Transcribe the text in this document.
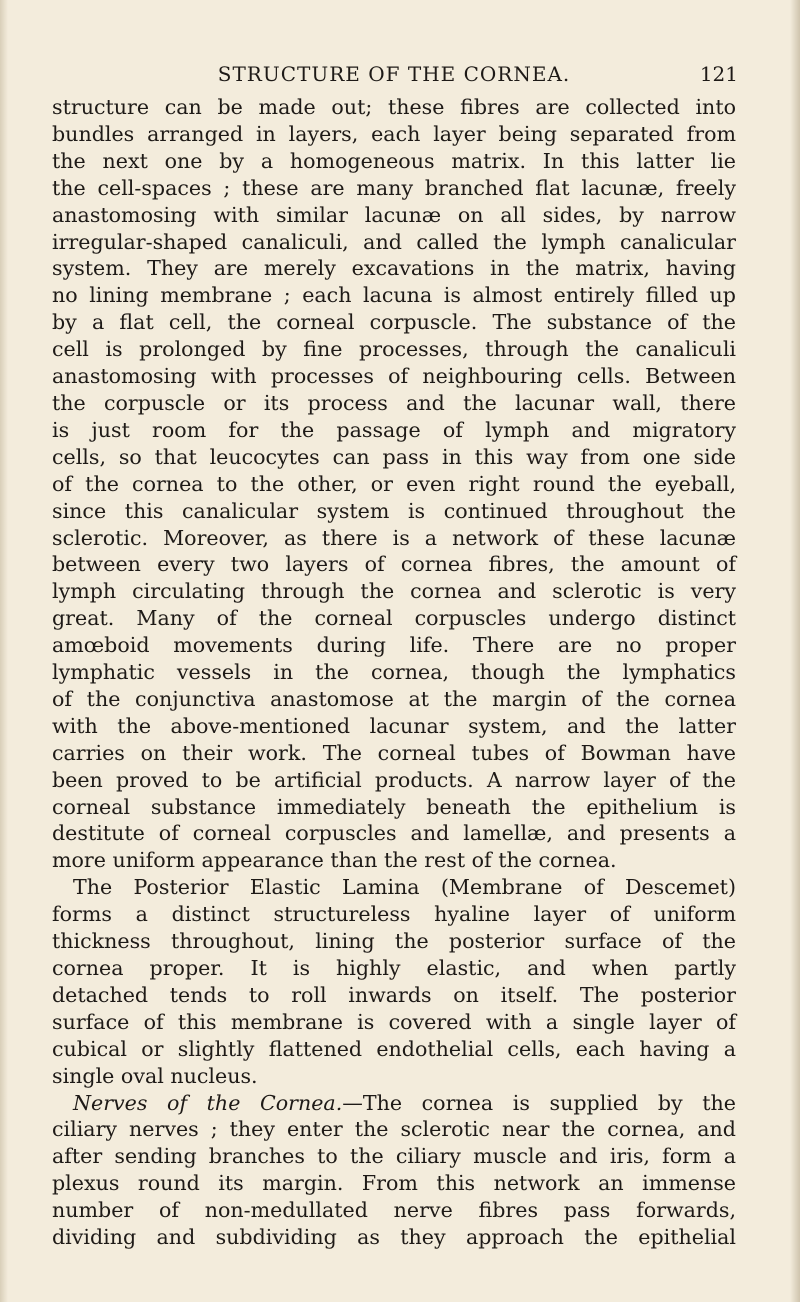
STRUCTURE OF THE CORNEA.	121
structure can be made out; these fibres are collected into
bundles arranged in layers, each layer being separated from
the next one by a homogeneous matrix. In this latter lie
the cell-spaces ; these are many branched flat lacunæ, freely
anastomosing with similar lacunæ on all sides, by narrow
irregular-shaped canaliculi, and called the lymph canalicular
system. They are merely excavations in the matrix, having
no lining membrane ; each lacuna is almost entirely filled up
by a flat cell, the corneal corpuscle. The substance of the
cell is prolonged by fine processes, through the canaliculi
anastomosing with processes of neighbouring cells. Between
the corpuscle or its process and the lacunar wall, there
is just room for the passage of lymph and migratory
cells, so that leucocytes can pass in this way from one side
of the cornea to the other, or even right round the eyeball,
since this canalicular system is continued throughout the
sclerotic. Moreover, as there is a network of these lacunæ
between every two layers of cornea fibres, the amount of
lymph circulating through the cornea and sclerotic is very
great. Many of the corneal corpuscles undergo distinct
amœboid movements during life. There are no proper
lymphatic vessels in the cornea, though the lymphatics
of the conjunctiva anastomose at the margin of the cornea
with the above-mentioned lacunar system, and the latter
carries on their work. The corneal tubes of Bowman have
been proved to be artificial products. A narrow layer of the
corneal substance immediately beneath the epithelium is
destitute of corneal corpuscles and lamellæ, and presents a
more uniform appearance than the rest of the cornea.
The Posterior Elastic Lamina (Membrane of Descemet)
forms a distinct structureless hyaline layer of uniform
thickness throughout, lining the posterior surface of the
cornea proper. It is highly elastic, and when partly
detached tends to roll inwards on itself. The posterior
surface of this membrane is covered with a single layer of
cubical or slightly flattened endothelial cells, each having a
single oval nucleus.
Nerves of the Cornea.—The cornea is supplied by the
ciliary nerves ; they enter the sclerotic near the cornea, and
after sending branches to the ciliary muscle and iris, form a
plexus round its margin. From this network an immense
number of non-medullated nerve fibres pass forwards,
dividing and subdividing as they approach the epithelial
